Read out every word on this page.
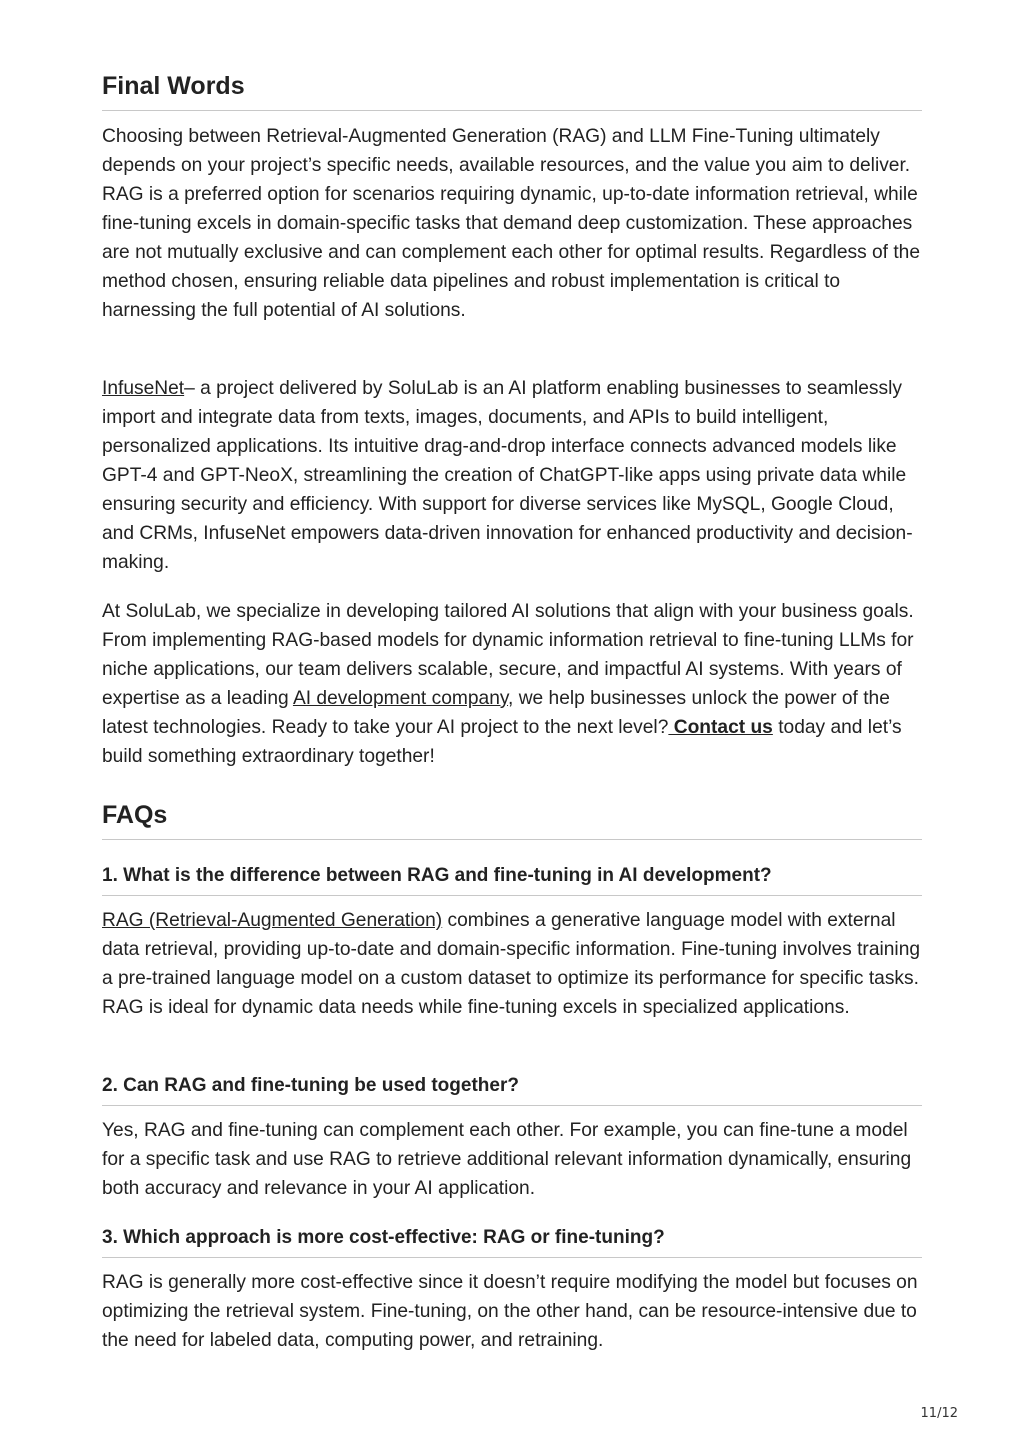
Final Words

Choosing between Retrieval-Augmented Generation (RAG) and LLM Fine-Tuning ultimately depends on your project’s specific needs, available resources, and the value you aim to deliver. RAG is a preferred option for scenarios requiring dynamic, up-to-date information retrieval, while fine-tuning excels in domain-specific tasks that demand deep customization. These approaches are not mutually exclusive and can complement each other for optimal results. Regardless of the method chosen, ensuring reliable data pipelines and robust implementation is critical to harnessing the full potential of AI solutions.

InfuseNet– a project delivered by SoluLab is an AI platform enabling businesses to seamlessly import and integrate data from texts, images, documents, and APIs to build intelligent, personalized applications. Its intuitive drag-and-drop interface connects advanced models like GPT-4 and GPT-NeoX, streamlining the creation of ChatGPT-like apps using private data while ensuring security and efficiency. With support for diverse services like MySQL, Google Cloud, and CRMs, InfuseNet empowers data-driven innovation for enhanced productivity and decision-making.

At SoluLab, we specialize in developing tailored AI solutions that align with your business goals. From implementing RAG-based models for dynamic information retrieval to fine-tuning LLMs for niche applications, our team delivers scalable, secure, and impactful AI systems. With years of expertise as a leading AI development company, we help businesses unlock the power of the latest technologies. Ready to take your AI project to the next level? Contact us today and let’s build something extraordinary together!

FAQs
1. What is the difference between RAG and fine-tuning in AI development?

RAG (Retrieval-Augmented Generation) combines a generative language model with external data retrieval, providing up-to-date and domain-specific information. Fine-tuning involves training a pre-trained language model on a custom dataset to optimize its performance for specific tasks. RAG is ideal for dynamic data needs while fine-tuning excels in specialized applications.

2. Can RAG and fine-tuning be used together?

Yes, RAG and fine-tuning can complement each other. For example, you can fine-tune a model for a specific task and use RAG to retrieve additional relevant information dynamically, ensuring both accuracy and relevance in your AI application.

3. Which approach is more cost-effective: RAG or fine-tuning?

RAG is generally more cost-effective since it doesn’t require modifying the model but focuses on optimizing the retrieval system. Fine-tuning, on the other hand, can be resource-intensive due to the need for labeled data, computing power, and retraining.

11/12
